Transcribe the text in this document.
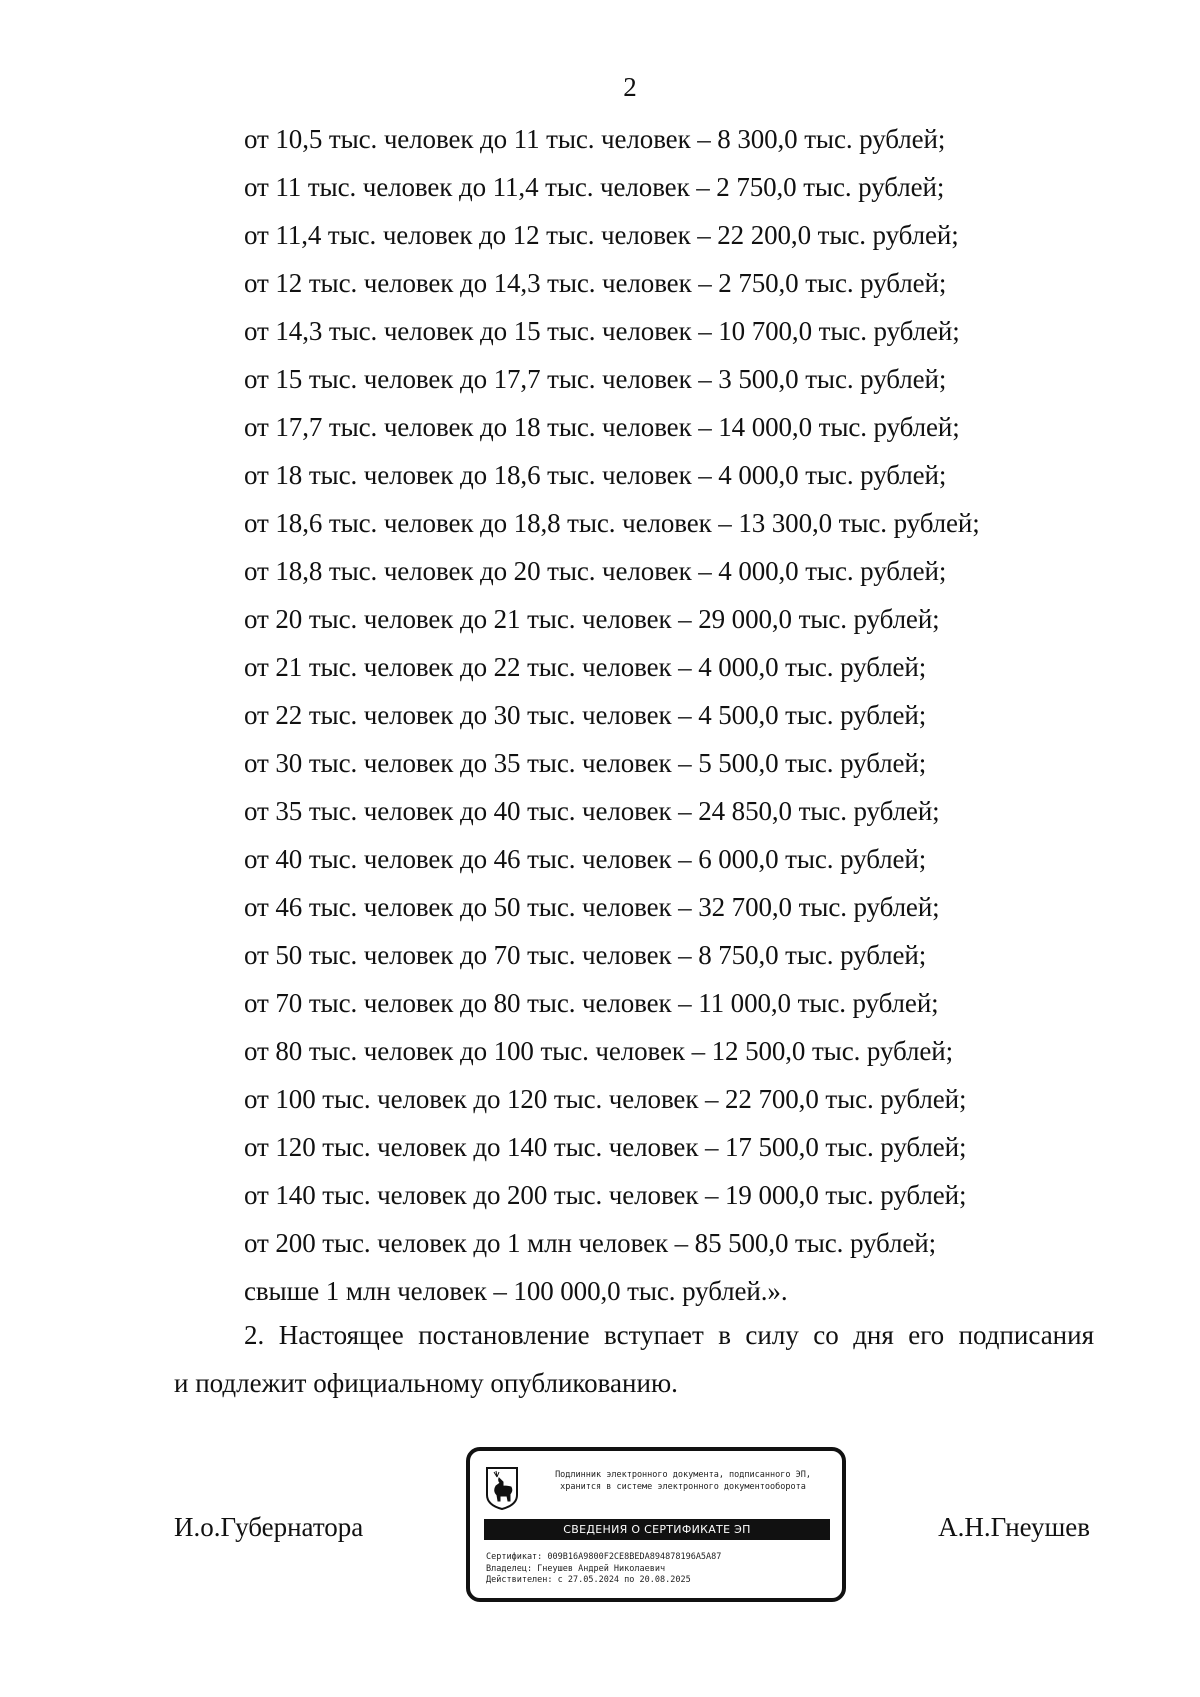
2
от 10,5 тыс. человек до 11 тыс. человек – 8 300,0 тыс. рублей;
от 11 тыс. человек до 11,4 тыс. человек – 2 750,0 тыс. рублей;
от 11,4 тыс. человек до 12 тыс. человек – 22 200,0 тыс. рублей;
от 12 тыс. человек до 14,3 тыс. человек – 2 750,0 тыс. рублей;
от 14,3 тыс. человек до 15 тыс. человек – 10 700,0 тыс. рублей;
от 15 тыс. человек до 17,7 тыс. человек – 3 500,0 тыс. рублей;
от 17,7 тыс. человек до 18 тыс. человек – 14 000,0 тыс. рублей;
от 18 тыс. человек до 18,6 тыс. человек – 4 000,0 тыс. рублей;
от 18,6 тыс. человек до 18,8 тыс. человек – 13 300,0 тыс. рублей;
от 18,8 тыс. человек до 20 тыс. человек – 4 000,0 тыс. рублей;
от 20 тыс. человек до 21 тыс. человек – 29 000,0 тыс. рублей;
от 21 тыс. человек до 22 тыс. человек – 4 000,0 тыс. рублей;
от 22 тыс. человек до 30 тыс. человек – 4 500,0 тыс. рублей;
от 30 тыс. человек до 35 тыс. человек – 5 500,0 тыс. рублей;
от 35 тыс. человек до 40 тыс. человек – 24 850,0 тыс. рублей;
от 40 тыс. человек до 46 тыс. человек – 6 000,0 тыс. рублей;
от 46 тыс. человек до 50 тыс. человек – 32 700,0 тыс. рублей;
от 50 тыс. человек до 70 тыс. человек – 8 750,0 тыс. рублей;
от 70 тыс. человек до 80 тыс. человек – 11 000,0 тыс. рублей;
от 80 тыс. человек до 100 тыс. человек – 12 500,0 тыс. рублей;
от 100 тыс. человек до 120 тыс. человек – 22 700,0 тыс. рублей;
от 120 тыс. человек до 140 тыс. человек – 17 500,0 тыс. рублей;
от 140 тыс. человек до 200 тыс. человек – 19 000,0 тыс. рублей;
от 200 тыс. человек до 1 млн человек – 85 500,0 тыс. рублей;
свыше 1 млн человек – 100 000,0 тыс. рублей.».
2. Настоящее постановление вступает в силу со дня его подписания
и подлежит официальному опубликованию.
И.о.Губернатора	А.Н.Гнеушев
Подлинник электронного документа, подписанного ЭП,
хранится в системе электронного документооборота
СВЕДЕНИЯ О СЕРТИФИКАТЕ ЭП
Сертификат: 009B16A9800F2CE8BEDA894878196A5A87
Владелец: Гнеушев Андрей Николаевич
Действителен: с 27.05.2024 по 20.08.2025
